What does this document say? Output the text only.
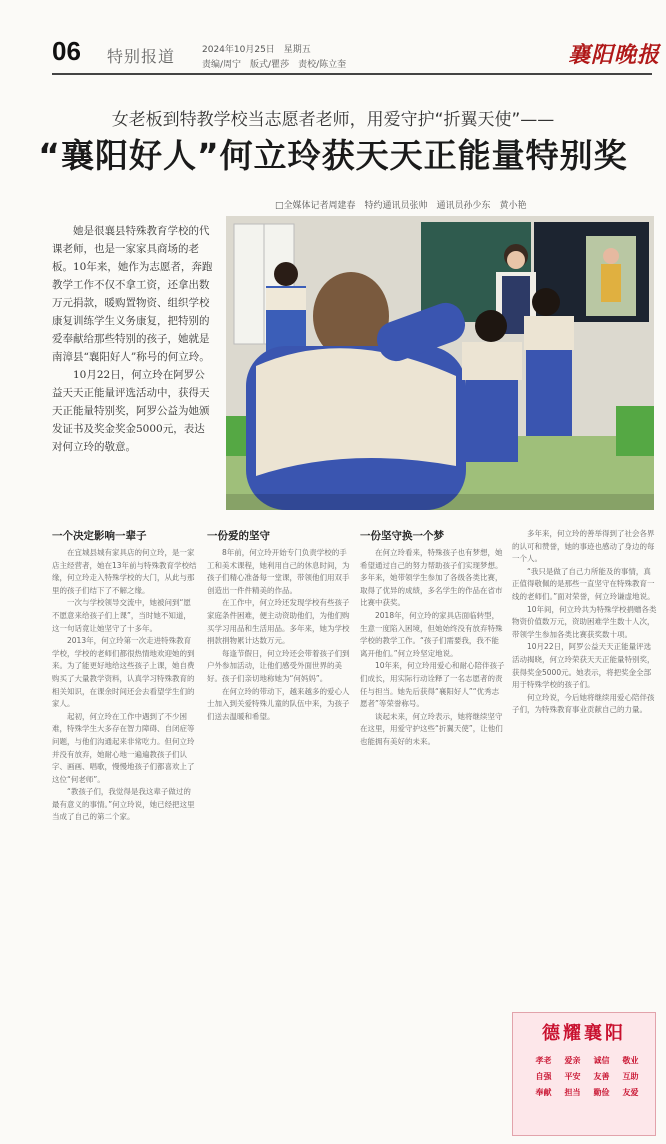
06 特别报道	2024年10月25日　星期五
责编/周宁　版式/瞿莎　责校/陈立奎	襄阳晚报
女老板到特教学校当志愿者老师，用爱守护“折翼天使”——
“襄阳好人”何立玲获天天正能量特别奖
□全媒体记者周建春　特约通讯员张帅　通讯员孙少东　黄小艳

她是很襄县特殊教育学校的代课老师，也是一家家具商场的老板。10年来，她作为志愿者，奔跑教学工作不仅不拿工资，还拿出数万元捐款，暖购置物资、组织学校康复训练学生义务康复，把特别的爱奉献给那些特别的孩子，她就是南漳县“襄阳好人”称号的何立玲。

10月22日，何立玲在阿罗公益天天正能量评选活动中，获得天天正能量特别奖，阿罗公益为她颁发证书及奖金奖金5000元，表达对何立玲的敬意。

一个决定影响一辈子

在宜城县城有家具店的何立玲，是一家店主经营者，她在13年前与特殊教育学校结缘，何立玲走入特殊学校的大门，从此与那里的孩子们结下了不解之缘。

一次与学校领导交流中，她被问到“愿不愿意来给孩子们上课”，当时她不知道，这一句话竟让她坚守了十多年。

2013年，何立玲第一次走进特殊教育学校，学校的老师们都很热情地欢迎她的到来。为了能更好地给这些孩子上课，她自费购买了大量教学资料，认真学习特殊教育的相关知识，在课余时间还会去看望学生们的家人。

起初，何立玲在工作中遇到了不少困难，特殊学生大多存在智力障碍、自闭症等问题，与他们沟通起来非常吃力。但何立玲并没有放弃，她耐心地一遍遍教孩子们认字、画画、唱歌，慢慢地孩子们都喜欢上了这位“何老师”。

“教孩子们，我觉得是我这辈子做过的最有意义的事情。”何立玲说，她已经把这里当成了自己的第二个家。

一份爱的坚守

8年前，何立玲开始专门负责学校的手工和美术课程，她利用自己的休息时间，为孩子们精心准备每一堂课，带领他们用双手创造出一件件精美的作品。

在工作中，何立玲还发现学校有些孩子家庭条件困难，便主动资助他们，为他们购买学习用品和生活用品。多年来，她为学校捐款捐物累计达数万元。

每逢节假日，何立玲还会带着孩子们到户外参加活动，让他们感受外面世界的美好。孩子们亲切地称她为“何妈妈”。

在何立玲的带动下，越来越多的爱心人士加入到关爱特殊儿童的队伍中来，为孩子们送去温暖和希望。

一份坚守换一个梦

在何立玲看来，特殊孩子也有梦想，她希望通过自己的努力帮助孩子们实现梦想。多年来，她带领学生参加了各级各类比赛，取得了优异的成绩，多名学生的作品在省市比赛中获奖。

2018年，何立玲的家具店面临转型，生意一度陷入困境，但她始终没有放弃特殊学校的教学工作。“孩子们需要我，我不能离开他们。”何立玲坚定地说。

10年来，何立玲用爱心和耐心陪伴孩子们成长，用实际行动诠释了一名志愿者的责任与担当。她先后获得“襄阳好人”“优秀志愿者”等荣誉称号。

谈起未来，何立玲表示，她将继续坚守在这里，用爱守护这些“折翼天使”，让他们也能拥有美好的未来。

多年来，何立玲的善举得到了社会各界的认可和赞誉，她的事迹也感动了身边的每一个人。

“我只是做了自己力所能及的事情，真正值得敬佩的是那些一直坚守在特殊教育一线的老师们。”面对荣誉，何立玲谦虚地说。

10年间，何立玲共为特殊学校捐赠各类物资价值数万元，资助困难学生数十人次，带领学生参加各类比赛获奖数十项。

10月22日，阿罗公益天天正能量评选活动揭晓，何立玲荣获天天正能量特别奖，获得奖金5000元。她表示，将把奖金全部用于特殊学校的孩子们。

何立玲说，今后她将继续用爱心陪伴孩子们，为特殊教育事业贡献自己的力量。

德耀襄阳
孝老	爱亲	诚信	敬业
自强	平安	友善	互助
奉献	担当	勤俭	友爱
